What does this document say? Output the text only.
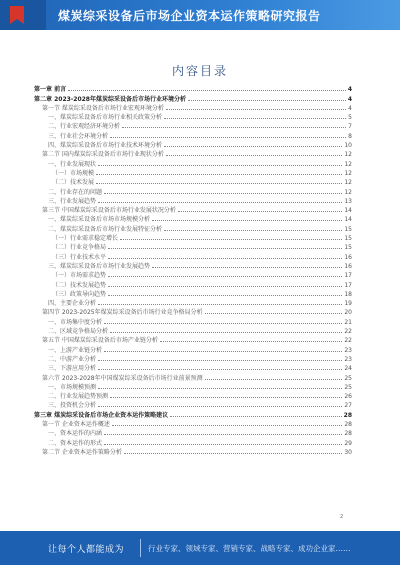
煤炭综采设备后市场企业资本运作策略研究报告
内容目录
第一章 前言	4
第二章 2023-2028年煤炭综采设备后市场行业环境分析	4
第一节 煤炭综采设备后市场行业宏观环境分析	4
一、煤炭综采设备后市场行业相关政策分析	5
二、行业宏观经济环境分析	7
三、行业社会环境分析	8
四、煤炭综采设备后市场行业技术环境分析	10
第二节 国内煤炭综采设备后市场行业现状分析	12
一、行业发展现状	12
（一）市场规模	12
（二）技术发展	12
二、行业存在的问题	12
三、行业发展趋势	13
第三节 中国煤炭综采设备后市场行业发展状况分析	14
一、煤炭综采设备后市场市场规模分析	14
二、煤炭综采设备后市场行业发展特征分析	15
（一）行业需求稳定增长	15
（二）行业竞争格局	15
（三）行业技术水平	16
三、煤炭综采设备后市场行业发展趋势	16
（一）市场需求趋势	17
（二）技术发展趋势	17
（三）政策导向趋势	18
四、主要企业分析	19
第四节 2023-2025年煤炭综采设备后市场行业竞争格局分析	20
一、市场集中度分析	21
二、区域竞争格局分析	22
第五节 中国煤炭综采设备后市场产业链分析	22
一、上游产业链分析	23
二、中游产业分析	23
三、下游应用分析	24
第六节 2023-2028年中国煤炭综采设备后市场行业前景预测	25
一、市场规模预测	25
二、行业发展趋势预测	26
三、投资机会分析	27
第三章 煤炭综采设备后市场企业资本运作策略建议	28
第一节 企业资本运作概述	28
一、资本运作的内涵	28
二、资本运作的形式	29
第二节 企业资本运作策略分析	30
2
让每个人都能成为	行业专家、领域专家、营销专家、战略专家、成功企业家……
